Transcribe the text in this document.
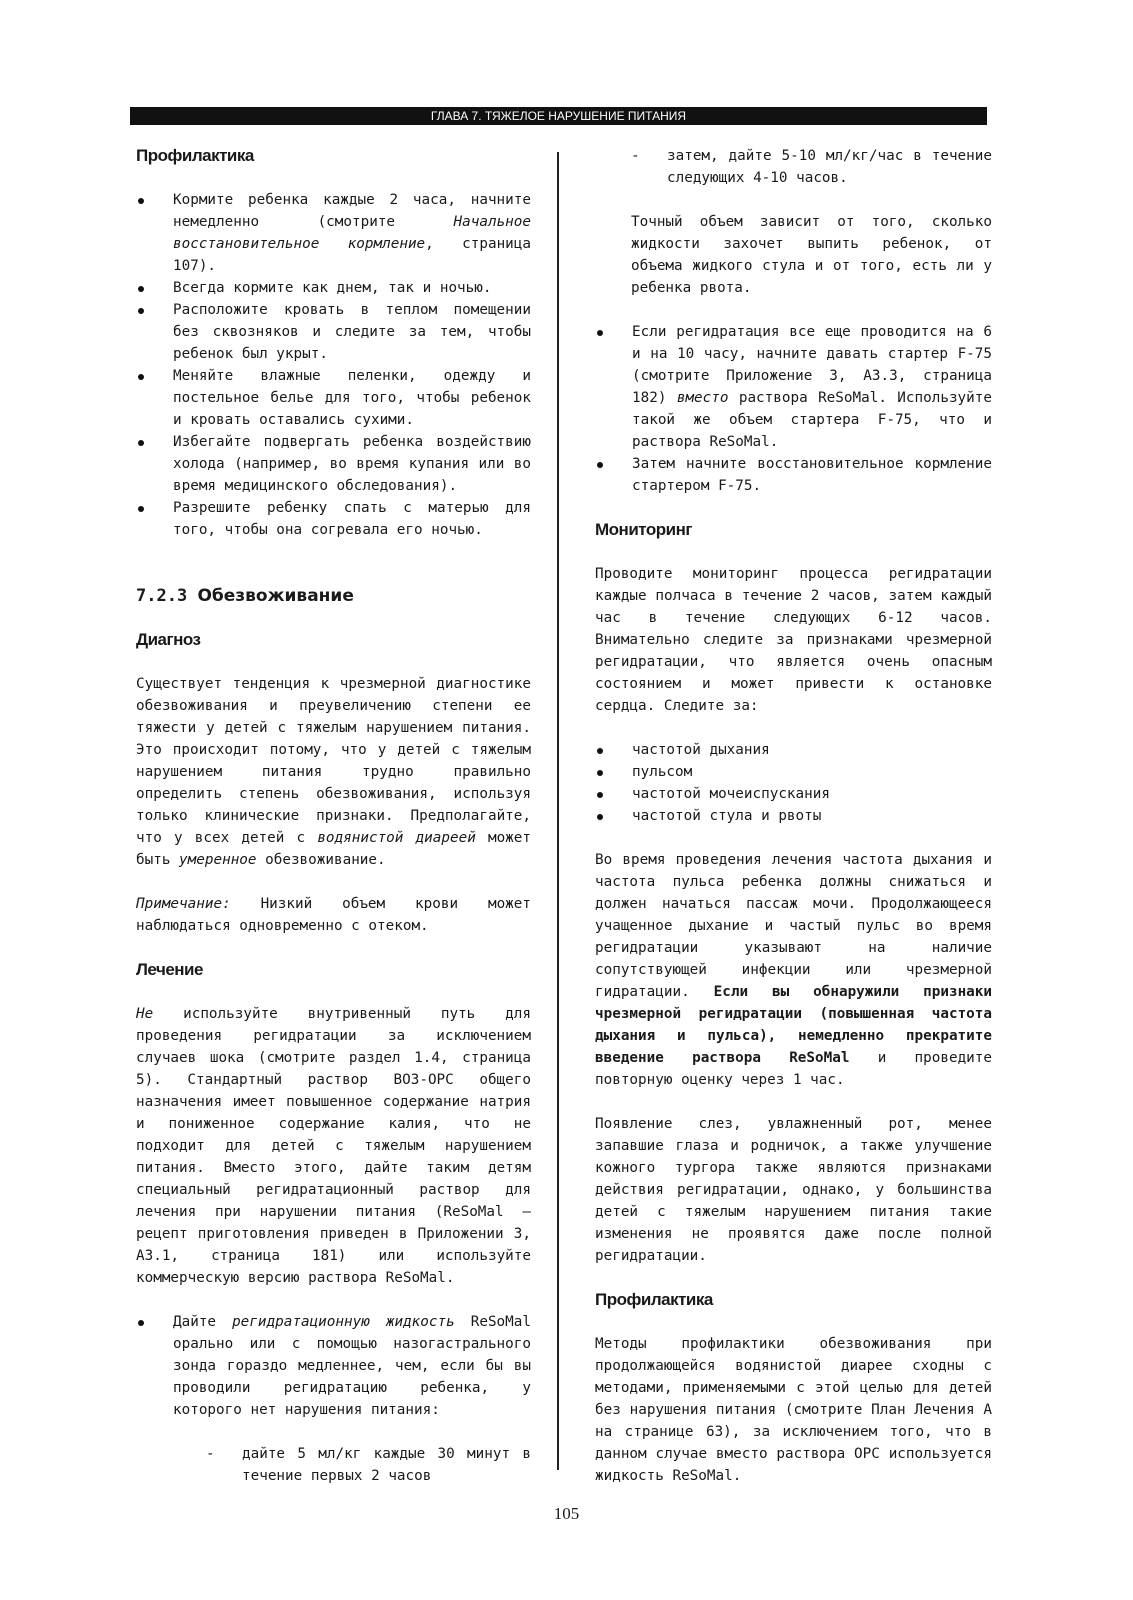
ГЛАВА 7. ТЯЖЕЛОЕ НАРУШЕНИЕ ПИТАНИЯ
Профилактика
Кормите ребенка каждые 2 часа, начните немедленно (смотрите Начальное восстановительное кормление, страница 107).
Всегда кормите как днем, так и ночью.
Расположите кровать в теплом помещении без сквозняков и следите за тем, чтобы ребенок был укрыт.
Меняйте влажные пеленки, одежду и постельное белье для того, чтобы ребенок и кровать оставались сухими.
Избегайте подвергать ребенка воздействию холода (например, во время купания или во время медицинского обследования).
Разрешите ребенку спать с матерью для того, чтобы она согревала его ночью.
7.2.3 Обезвоживание
Диагноз

Существует тенденция к чрезмерной диагностике обезвоживания и преувеличению степени ее тяжести у детей с тяжелым нарушением питания. Это происходит потому, что у детей с тяжелым нарушением питания трудно правильно определить степень обезвоживания, используя только клинические признаки. Предполагайте, что у всех детей с водянистой диареей может быть умеренное обезвоживание.

Примечание: Низкий объем крови может наблюдаться одновременно с отеком.

Лечение

Не используйте внутривенный путь для проведения регидратации за исключением случаев шока (смотрите раздел 1.4, страница 5). Стандартный раствор ВОЗ-ОРС общего назначения имеет повышенное содержание натрия и пониженное содержание калия, что не подходит для детей с тяжелым нарушением питания. Вместо этого, дайте таким детям специальный регидратационный раствор для лечения при нарушении питания (ReSoMal – рецепт приготовления приведен в Приложении 3, А3.1, страница 181) или используйте коммерческую версию раствора ReSoMal.

Дайте регидратационную жидкость ReSoMal орально или с помощью назогастрального зонда гораздо медленнее, чем, если бы вы проводили регидратацию ребенка, у которого нет нарушения питания:
- дайте 5 мл/кг каждые 30 минут в течение первых 2 часов
- затем, дайте 5-10 мл/кг/час в течение следующих 4-10 часов.

Точный объем зависит от того, сколько жидкости захочет выпить ребенок, от объема жидкого стула и от того, есть ли у ребенка рвота.

Если регидратация все еще проводится на 6 и на 10 часу, начните давать стартер F-75 (смотрите Приложение 3, А3.3, страница 182) вместо раствора ReSoMal. Используйте такой же объем стартера F-75, что и раствора ReSoMal.
Затем начните восстановительное кормление стартером F-75.
Мониторинг

Проводите мониторинг процесса регидратации каждые полчаса в течение 2 часов, затем каждый час в течение следующих 6-12 часов. Внимательно следите за признаками чрезмерной регидратации, что является очень опасным состоянием и может привести к остановке сердца. Следите за:

частотой дыхания
пульсом
частотой мочеиспускания
частотой стула и рвоты

Во время проведения лечения частота дыхания и частота пульса ребенка должны снижаться и должен начаться пассаж мочи. Продолжающееся учащенное дыхание и частый пульс во время регидратации указывают на наличие сопутствующей инфекции или чрезмерной гидратации. Если вы обнаружили признаки чрезмерной регидратации (повышенная частота дыхания и пульса), немедленно прекратите введение раствора ReSoMal и проведите повторную оценку через 1 час.

Появление слез, увлажненный рот, менее запавшие глаза и родничок, а также улучшение кожного тургора также являются признаками действия регидратации, однако, у большинства детей с тяжелым нарушением питания такие изменения не проявятся даже после полной регидратации.

Профилактика

Методы профилактики обезвоживания при продолжающейся водянистой диарее сходны с методами, применяемыми с этой целью для детей без нарушения питания (смотрите План Лечения А на странице 63), за исключением того, что в данном случае вместо раствора ОРС используется жидкость ReSoMal.

105
